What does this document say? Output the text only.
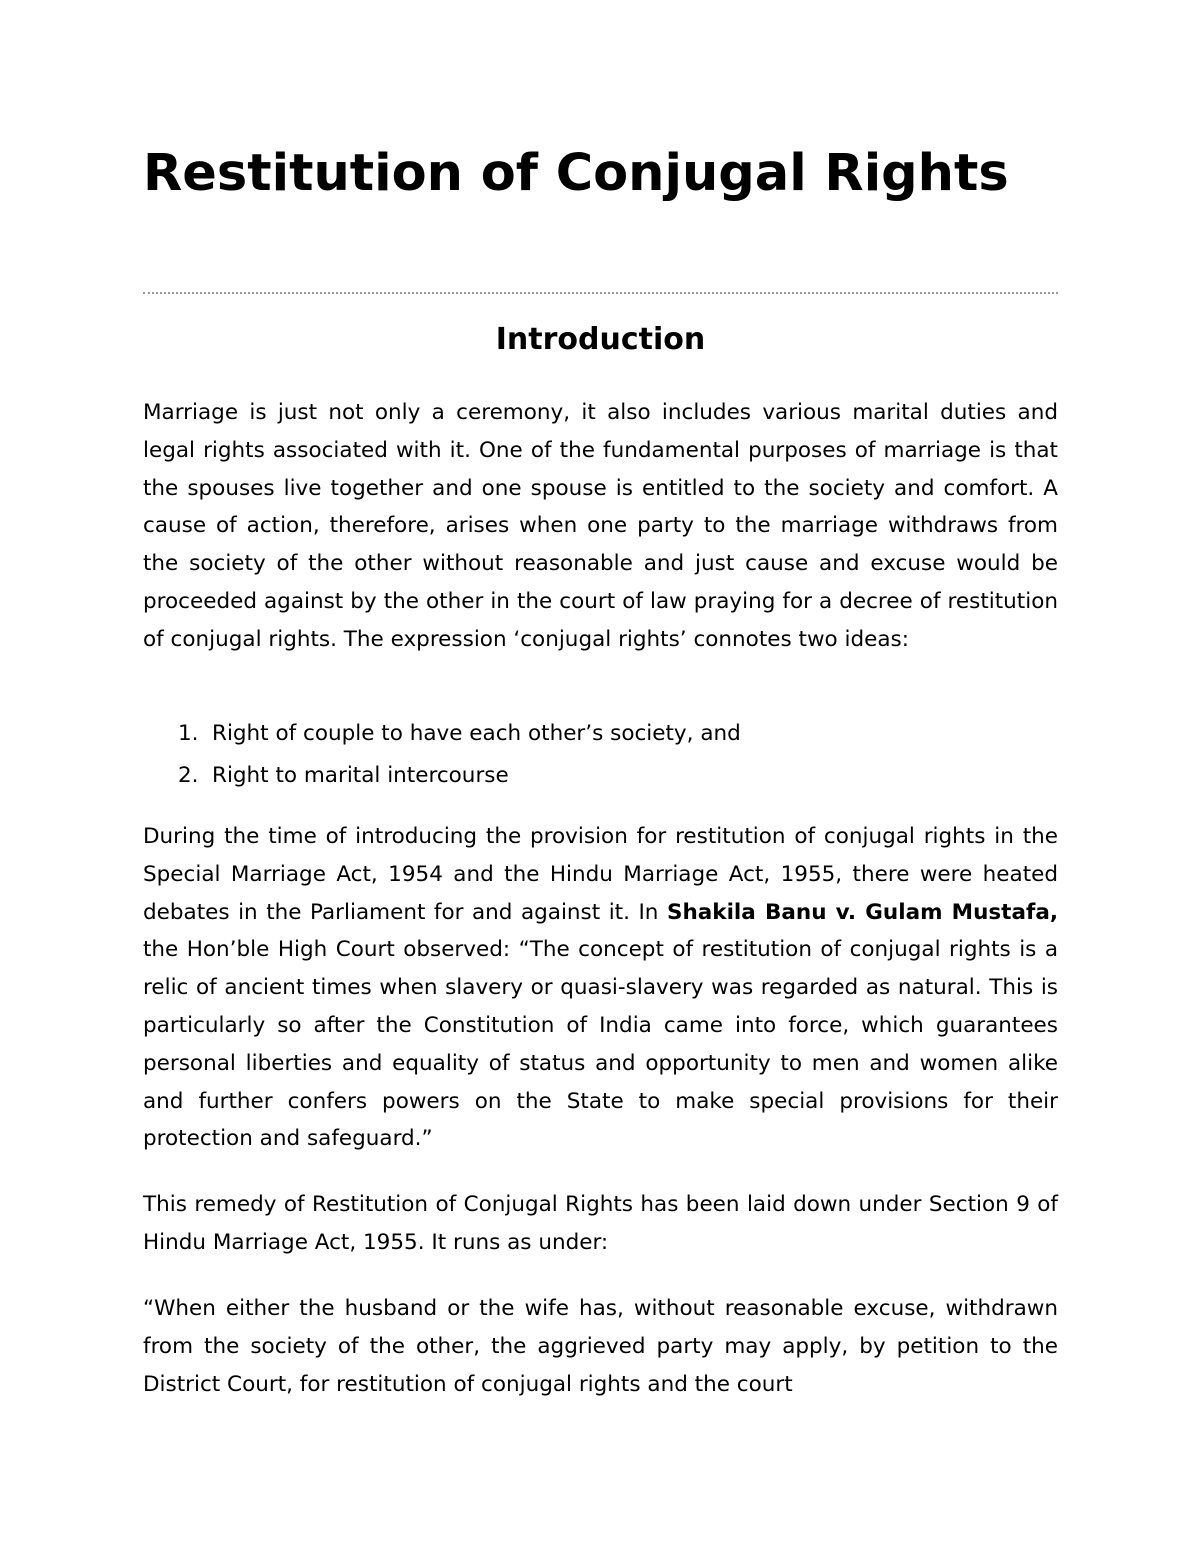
Restitution of Conjugal Rights
Introduction

Marriage is just not only a ceremony, it also includes various marital duties and legal rights associated with it. One of the fundamental purposes of marriage is that the spouses live together and one spouse is entitled to the society and comfort. A cause of action, therefore, arises when one party to the marriage withdraws from the society of the other without reasonable and just cause and excuse would be proceeded against by the other in the court of law praying for a decree of restitution of conjugal rights. The expression ‘conjugal rights’ connotes two ideas:

1. Right of couple to have each other’s society, and
2. Right to marital intercourse

During the time of introducing the provision for restitution of conjugal rights in the Special Marriage Act, 1954 and the Hindu Marriage Act, 1955, there were heated debates in the Parliament for and against it. In Shakila Banu v. Gulam Mustafa, the Hon’ble High Court observed: “The concept of restitution of conjugal rights is a relic of ancient times when slavery or quasi-slavery was regarded as natural. This is particularly so after the Constitution of India came into force, which guarantees personal liberties and equality of status and opportunity to men and women alike and further confers powers on the State to make special provisions for their protection and safeguard.”

This remedy of Restitution of Conjugal Rights has been laid down under Section 9 of Hindu Marriage Act, 1955. It runs as under:

“When either the husband or the wife has, without reasonable excuse, withdrawn from the society of the other, the aggrieved party may apply, by petition to the District Court, for restitution of conjugal rights and the court
